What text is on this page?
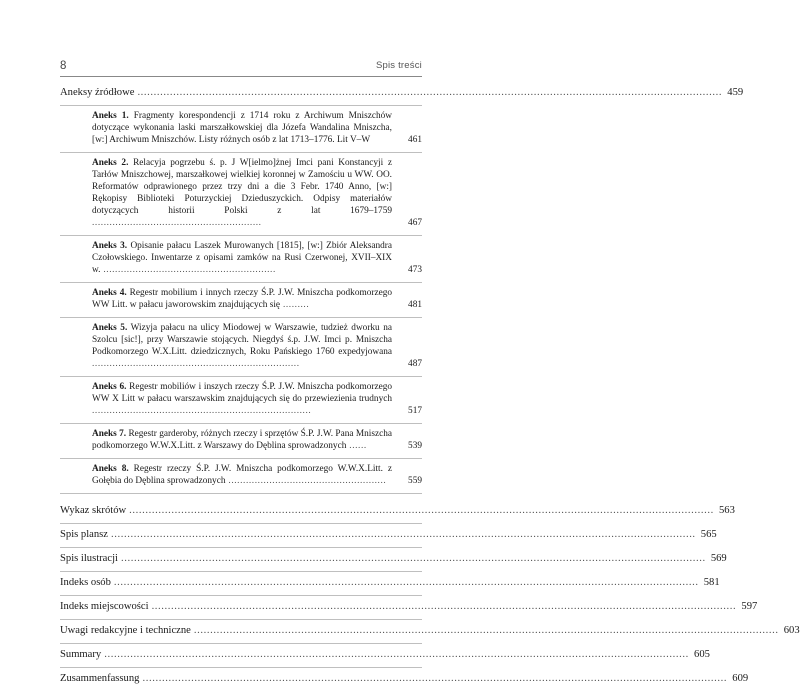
8	Spis treści
Aneksy źródłowe .................................................................................................................................................................................... 459
Aneks 1. Fragmenty korespondencji z 1714 roku z Archiwum Mniszchów dotyczące wykonania laski marszałkowskiej dla Józefa Wandalina Mniszcha, [w:] Archiwum Mniszchów. Listy różnych osób z lat 1713–1776. Lit V–W	461
Aneks 2. Relacyja pogrzebu ś. p. J W[ielmo]żnej Imci pani Konstancyji z Tarłów Mniszchowej, marszałkowej wielkiej koronnej w Zamościu u WW. OO. Reformatów odprawionego przez trzy dni a die 3 Febr. 1740 Anno, [w:] Rękopisy Biblioteki Poturzyckiej Dzieduszyckich. Odpisy materiałów dotyczących historii Polski z lat 1679–1759 ..........................................................	467
Aneks 3. Opisanie pałacu Laszek Murowanych [1815], [w:] Zbiór Aleksandra Czołowskiego. Inwentarze z opisami zamków na Rusi Czerwonej, XVII–XIX w. ...........................................................	473
Aneks 4. Regestr mobilium i innych rzeczy Ś.P. J.W. Mniszcha podkomorzego WW Litt. w pałacu jaworowskim znajdujących się .........	481
Aneks 5. Wizyja pałacu na ulicy Miodowej w Warszawie, tudzież dworku na Szolcu [sic!], przy Warszawie stojących. Niegdyś ś.p. J.W. Imci p. Mniszcha Podkomorzego W.X.Litt. dziedzicznych, Roku Pańskiego 1760 expedyjowana .......................................................................	487
Aneks 6. Regestr mobiliów i inszych rzeczy Ś.P. J.W. Mniszcha podkomorzego WW X Litt w pałacu warszawskim znajdujących się do przewiezienia trudnych ...........................................................................	517
Aneks 7. Regestr garderoby, różnych rzeczy i sprzętów Ś.P. J.W. Pana Mniszcha podkomorzego W.W.X.Litt. z Warszawy do Dęblina sprowadzonych ......	539
Aneks 8. Regestr rzeczy Ś.P. J.W. Mniszcha podkomorzego W.W.X.Litt. z Gołębia do Dęblina sprowadzonych ......................................................	559
Wykaz skrótów .................................................................................................................................................................................... 563
Spis plansz .................................................................................................................................................................................... 565
Spis ilustracji .................................................................................................................................................................................... 569
Indeks osób .................................................................................................................................................................................... 581
Indeks miejscowości .................................................................................................................................................................................... 597
Uwagi redakcyjne i techniczne .................................................................................................................................................................................... 603
Summary .................................................................................................................................................................................... 605
Zusammenfassung .................................................................................................................................................................................... 609
